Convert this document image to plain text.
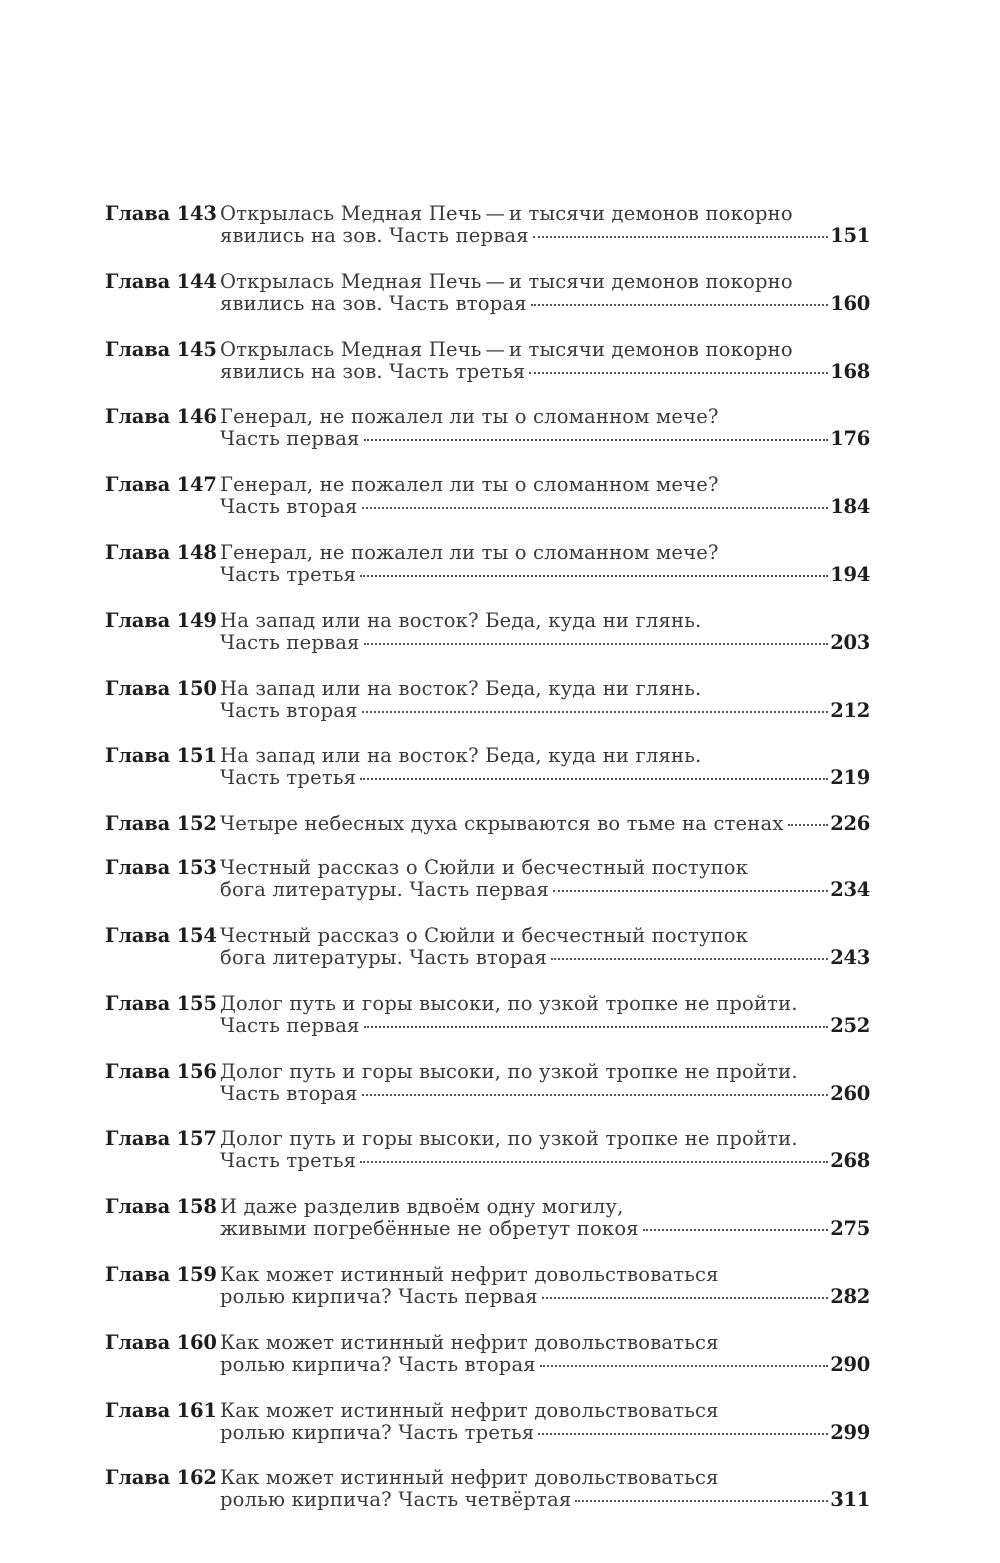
Глава 143 Открылась Медная Печь — и тысячи демонов покорно
явились на зов. Часть первая	151
Глава 144 Открылась Медная Печь — и тысячи демонов покорно
явились на зов. Часть вторая	160
Глава 145 Открылась Медная Печь — и тысячи демонов покорно
явились на зов. Часть третья	168
Глава 146 Генерал, не пожалел ли ты о сломанном мече?
Часть первая	176
Глава 147 Генерал, не пожалел ли ты о сломанном мече?
Часть вторая	184
Глава 148 Генерал, не пожалел ли ты о сломанном мече?
Часть третья	194
Глава 149 На запад или на восток? Беда, куда ни глянь.
Часть первая	203
Глава 150 На запад или на восток? Беда, куда ни глянь.
Часть вторая	212
Глава 151 На запад или на восток? Беда, куда ни глянь.
Часть третья	219
Глава 152 Четыре небесных духа скрываются во тьме на стенах 226
Глава 153 Честный рассказ о Сюйли и бесчестный поступок
бога литературы. Часть первая	234
Глава 154 Честный рассказ о Сюйли и бесчестный поступок
бога литературы. Часть вторая	243
Глава 155 Долог путь и горы высоки, по узкой тропке не пройти.
Часть первая	252
Глава 156 Долог путь и горы высоки, по узкой тропке не пройти.
Часть вторая	260
Глава 157 Долог путь и горы высоки, по узкой тропке не пройти.
Часть третья	268
Глава 158 И даже разделив вдвоём одну могилу,
живыми погребённые не обретут покоя	275
Глава 159 Как может истинный нефрит довольствоваться
ролью кирпича? Часть первая	282
Глава 160 Как может истинный нефрит довольствоваться
ролью кирпича? Часть вторая	290
Глава 161 Как может истинный нефрит довольствоваться
ролью кирпича? Часть третья	299
Глава 162 Как может истинный нефрит довольствоваться
ролью кирпича? Часть четвёртая	311
